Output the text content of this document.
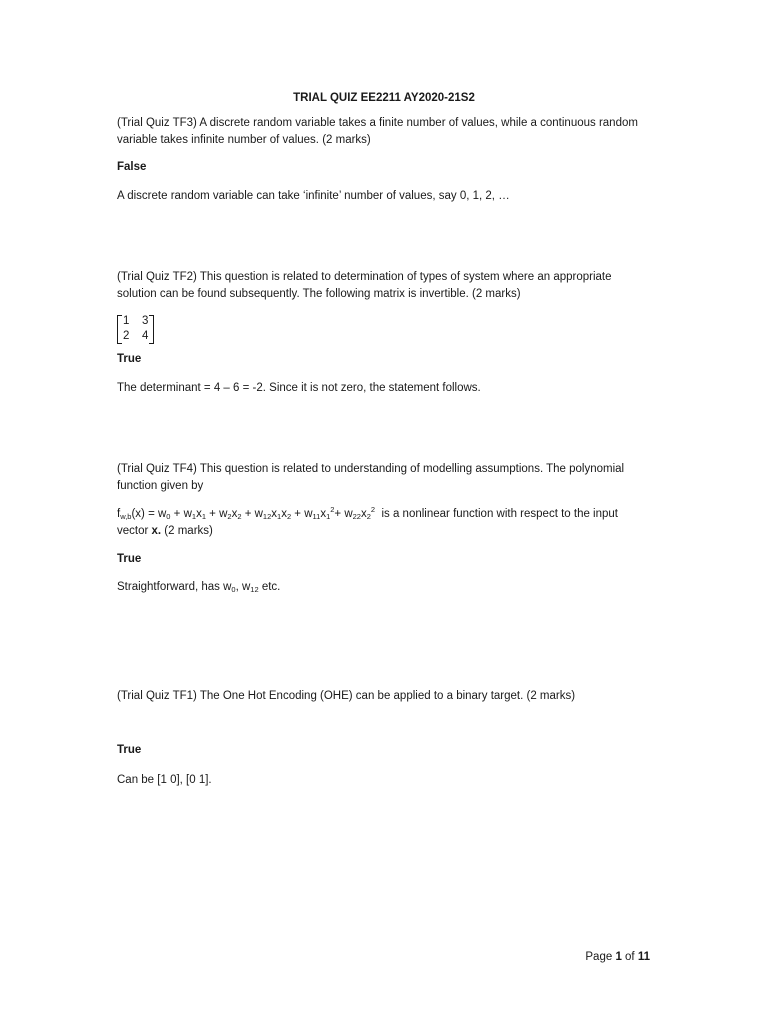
TRIAL QUIZ EE2211 AY2020-21S2

(Trial Quiz TF3) A discrete random variable takes a finite number of values, while a continuous random variable takes infinite number of values. (2 marks)

False

A discrete random variable can take ‘infinite’ number of values, say 0, 1, 2, …

(Trial Quiz TF2) This question is related to determination of types of system where an appropriate solution can be found subsequently. The following matrix is invertible. (2 marks)

1 3
2 4

True

The determinant = 4 – 6 = -2. Since it is not zero, the statement follows.

(Trial Quiz TF4) This question is related to understanding of modelling assumptions. The polynomial function given by

$f_{w,b}(x) = w_0 + w_1x_1 + w_2x_2 + w_{12}x_1x_2 + w_{11}x_1^2+ w_{22}x_2^2$  is a nonlinear function with respect to the input vector x. (2 marks)

True

Straightforward, has $w_0$, $w_{12}$ etc.

(Trial Quiz TF1) The One Hot Encoding (OHE) can be applied to a binary target. (2 marks)

True

Can be [1 0], [0 1].

Page 1 of 11
